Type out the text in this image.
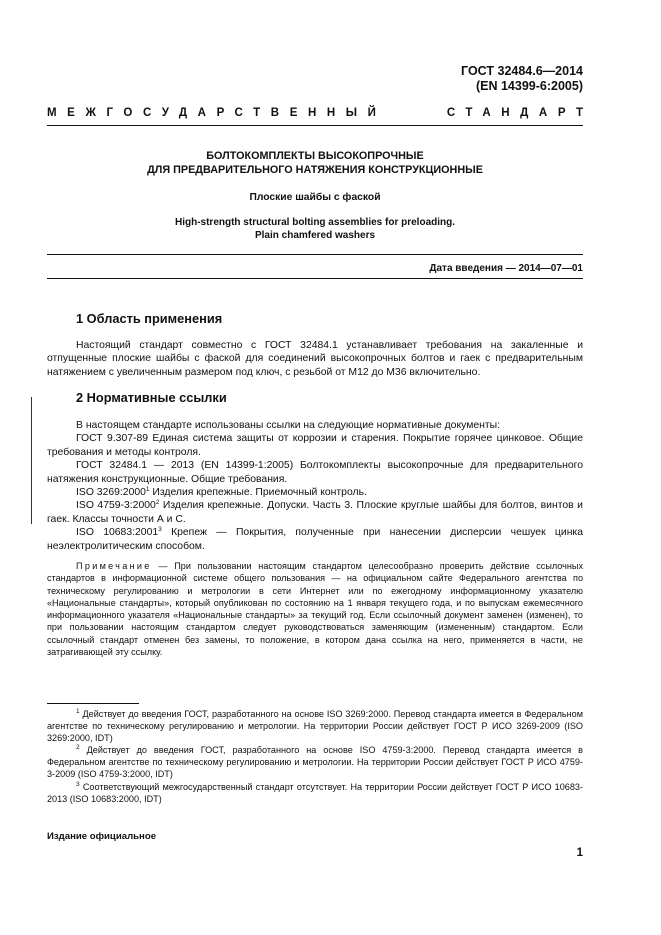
ГОСТ 32484.6—2014
(EN 14399-6:2005)
МЕЖГОСУДАРСТВЕННЫЙ	СТАНДАРТ
БОЛТОКОМПЛЕКТЫ ВЫСОКОПРОЧНЫЕ
ДЛЯ ПРЕДВАРИТЕЛЬНОГО НАТЯЖЕНИЯ КОНСТРУКЦИОННЫЕ
Плоские шайбы с фаской
High-strength structural bolting assemblies for preloading.
Plain chamfered washers
Дата введения — 2014—07—01
1 Область применения

Настоящий стандарт совместно с ГОСТ 32484.1 устанавливает требования на закаленные и отпущенные плоские шайбы с фаской для соединений высокопрочных болтов и гаек с предварительным натяжением с увеличенным размером под ключ, с резьбой от М12 до М36 включительно.

2 Нормативные ссылки

В настоящем стандарте использованы ссылки на следующие нормативные документы:

ГОСТ 9.307-89 Единая система защиты от коррозии и старения. Покрытие горячее цинковое. Общие требования и методы контроля.

ГОСТ 32484.1 — 2013 (EN 14399-1:2005) Болтокомплекты высокопрочные для предварительного натяжения конструкционные. Общие требования.

ISO 3269:2000$^1$ Изделия крепежные. Приемочный контроль.

ISO 4759-3:2000$^2$ Изделия крепежные. Допуски. Часть 3. Плоские круглые шайбы для болтов, винтов и гаек. Классы точности А и С.

ISO 10683:2001$^3$ Крепеж — Покрытия, полученные при нанесении дисперсии чешуек цинка неэлектролитическим способом.

Примечание — При пользовании настоящим стандартом целесообразно проверить действие ссылочных стандартов в информационной системе общего пользования — на официальном сайте Федерального агентства по техническому регулированию и метрологии в сети Интернет или по ежегодному информационному указателю «Национальные стандарты», который опубликован по состоянию на 1 января текущего года, и по выпускам ежемесячного информационного указателя «Национальные стандарты» за текущий год. Если ссылочный документ заменен (изменен), то при пользовании настоящим стандартом следует руководствоваться заменяющим (измененным) стандартом. Если ссылочный стандарт отменен без замены, то положение, в котором дана ссылка на него, применяется в части, не затрагивающей эту ссылку.

$^1$ Действует до введения ГОСТ, разработанного на основе ISO 3269:2000. Перевод стандарта имеется в Федеральном агентстве по техническому регулированию и метрологии. На территории России действует ГОСТ Р ИСО 3269-2009 (ISO 3269:2000, IDT)

$^2$ Действует до введения ГОСТ, разработанного на основе ISO 4759-3:2000. Перевод стандарта имеется в Федеральном агентстве по техническому регулированию и метрологии. На территории России действует ГОСТ Р ИСО 4759-3-2009 (ISO 4759-3:2000, IDT)

$^3$ Соответствующий межгосударственный стандарт отсутствует. На территории России действует ГОСТ Р ИСО 10683-2013 (ISO 10683:2000, IDT)

Издание официальное
1
